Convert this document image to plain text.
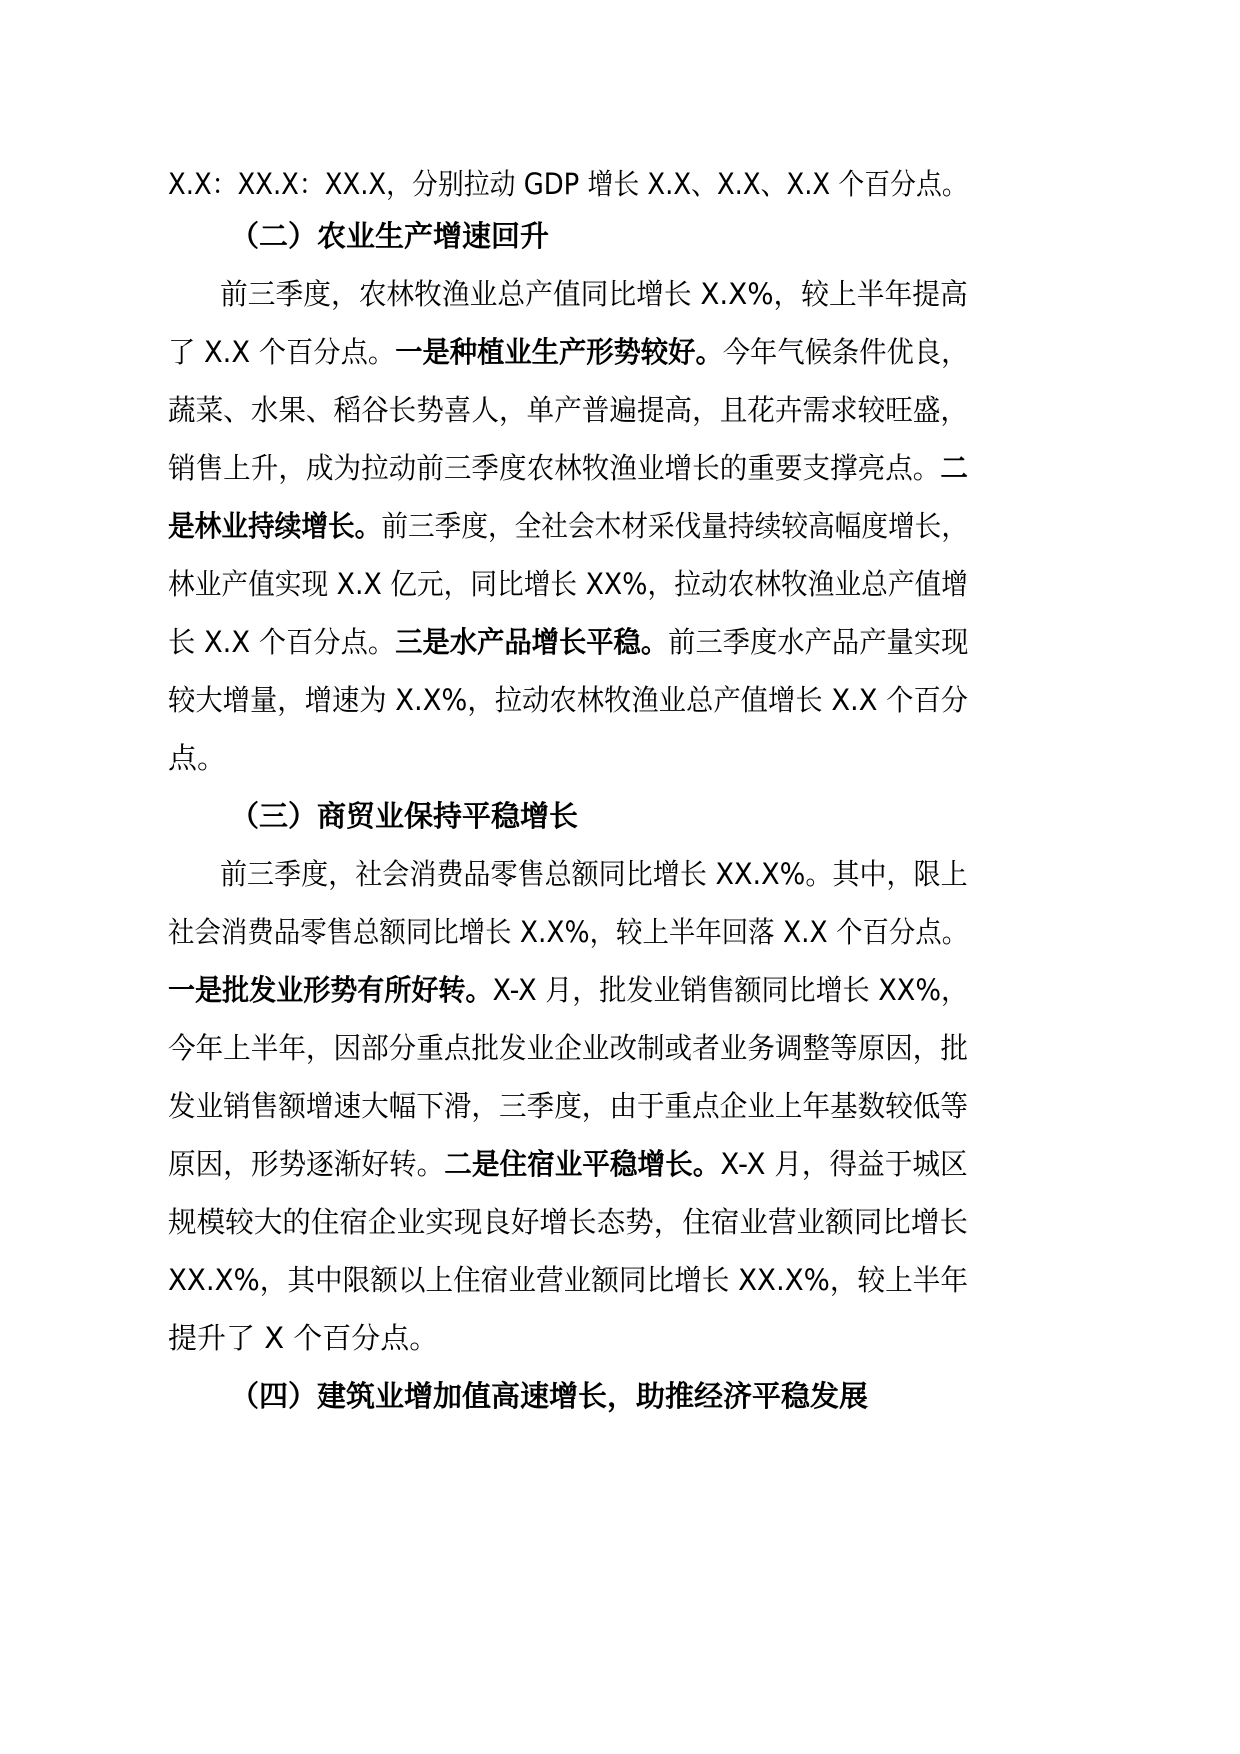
X.X：XX.X：XX.X，分别拉动 GDP 增长 X.X、X.X、X.X 个百分点。
（二）农业生产增速回升
前三季度，农林牧渔业总产值同比增长 X.X%，较上半年提高
了 X.X 个百分点。一是种植业生产形势较好。今年气候条件优良，
蔬菜、水果、稻谷长势喜人，单产普遍提高，且花卉需求较旺盛，
销售上升，成为拉动前三季度农林牧渔业增长的重要支撑亮点。二
是林业持续增长。前三季度，全社会木材采伐量持续较高幅度增长，
林业产值实现 X.X 亿元，同比增长 XX%，拉动农林牧渔业总产值增
长 X.X 个百分点。三是水产品增长平稳。前三季度水产品产量实现
较大增量，增速为 X.X%，拉动农林牧渔业总产值增长 X.X 个百分
点。
（三）商贸业保持平稳增长
前三季度，社会消费品零售总额同比增长 XX.X%。其中，限上
社会消费品零售总额同比增长 X.X%，较上半年回落 X.X 个百分点。
一是批发业形势有所好转。X-X 月，批发业销售额同比增长 XX%，
今年上半年，因部分重点批发业企业改制或者业务调整等原因，批
发业销售额增速大幅下滑，三季度，由于重点企业上年基数较低等
原因，形势逐渐好转。二是住宿业平稳增长。X-X 月，得益于城区
规模较大的住宿企业实现良好增长态势，住宿业营业额同比增长
XX.X%，其中限额以上住宿业营业额同比增长 XX.X%，较上半年
提升了 X 个百分点。
（四）建筑业增加值高速增长，助推经济平稳发展
